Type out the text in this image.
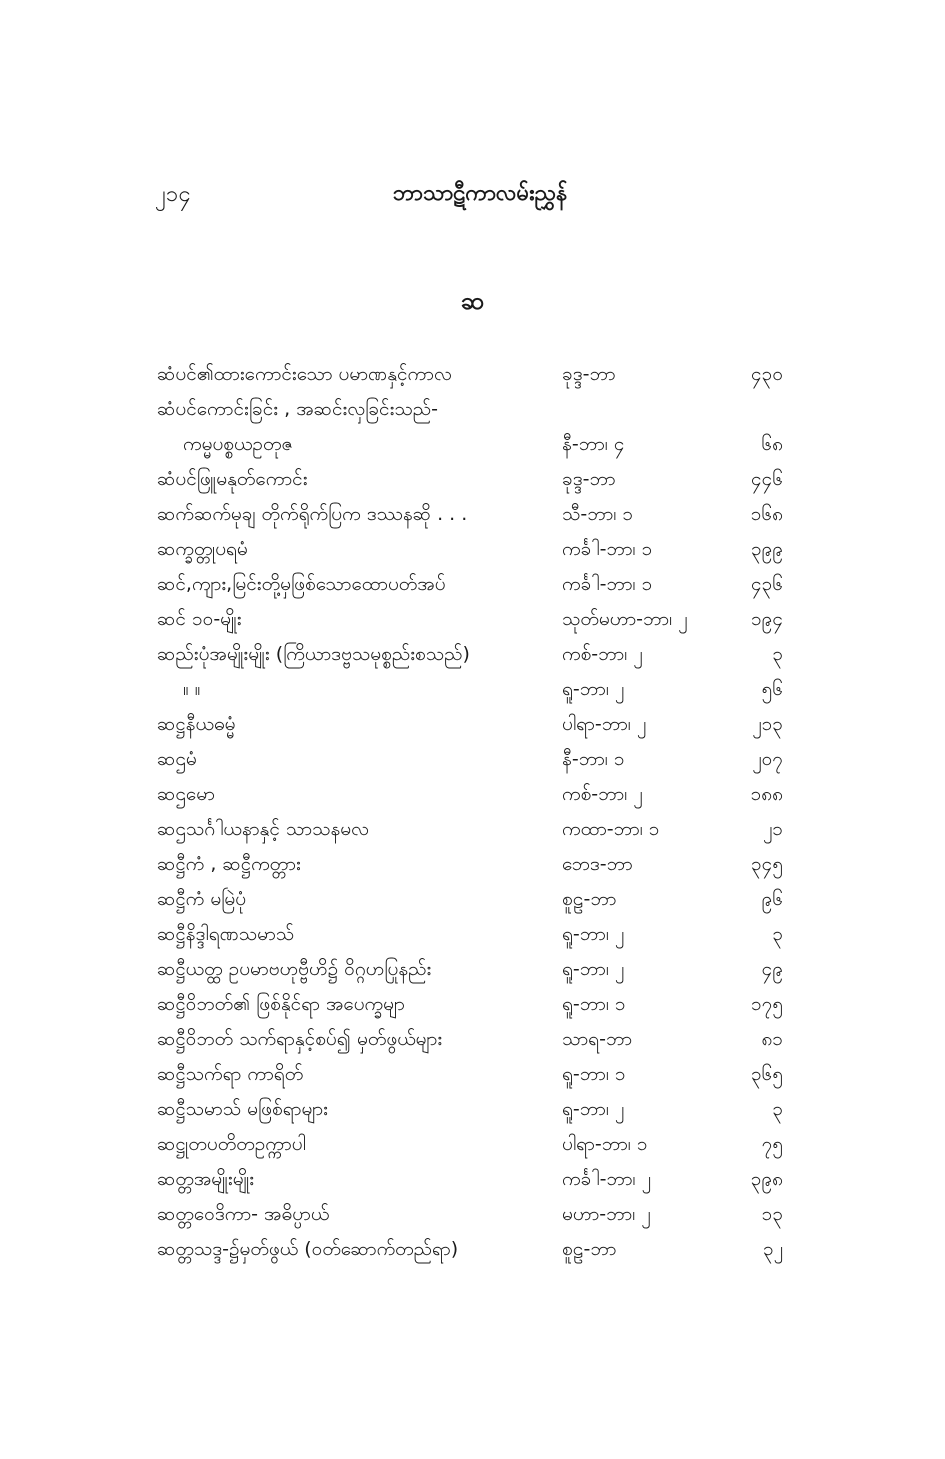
၂၁၄	ဘာသာဋီကာလမ်းညွှန်
ဆ
ဆံပင်၏ထားကောင်းသော ပမာဏနှင့်ကာလ	ခုဒ္ဒ-ဘာ	၄၃၀
ဆံပင်ကောင်းခြင်း , အဆင်းလှခြင်းသည်-
ကမ္မပစ္စယဥတုဇ	နီ-ဘာ၊ ၄	၆၈
ဆံပင်ဖြူမနုတ်ကောင်း	ခုဒ္ဒ-ဘာ	၄၄၆
ဆက်ဆက်မုချ တိုက်ရိုက်ပြက ဒဿနဆို . . .	သီ-ဘာ၊ ၁	၁၆၈
ဆက္ခတ္တုပရမံ	ကင်္ခါ-ဘာ၊ ၁	၃၉၉
ဆင်,ကျား,မြင်းတို့မှဖြစ်သောထောပတ်အပ်	ကင်္ခါ-ဘာ၊ ၁	၄၃၆
ဆင် ၁၀-မျိုး	သုတ်မဟာ-ဘာ၊ ၂	၁၉၄
ဆည်းပုံအမျိုးမျိုး (ကြိယာဒဗ္ဗသမုစ္စည်းစသည်)	ကစ်-ဘာ၊ ၂	၃
။ ။	ရူ-ဘာ၊ ၂	၅၆
ဆဋ္ဌနီယဓမ္မံ	ပါရာ-ဘာ၊ ၂	၂၁၃
ဆဌမံ	နီ-ဘာ၊ ၁	၂၀၇
ဆဌမော	ကစ်-ဘာ၊ ၂	၁၈၈
ဆဌသင်္ဂါယနာနှင့် သာသနမလ	ကထာ-ဘာ၊ ၁	၂၁
ဆဋ္ဌီကံ , ဆဋ္ဌီကတ္တား	ဘေဒ-ဘာ	၃၄၅
ဆဋ္ဌီကံ မမြဲပုံ	စူဠ-ဘာ	၉၆
ဆဋ္ဌီနိဒ္ဒါရဏသမာသ်	ရူ-ဘာ၊ ၂	၃
ဆဋ္ဌီယတ္ထ ဥပမာဗဟုဗ္ဗီဟိ၌ ဝိဂ္ဂဟပြုနည်း	ရူ-ဘာ၊ ၂	၄၉
ဆဋ္ဌီဝိဘတ်၏ ဖြစ်နိုင်ရာ အပေက္ခမျာ	ရူ-ဘာ၊ ၁	၁၇၅
ဆဋ္ဌီဝိဘတ် သက်ရာနှင့်စပ်၍ မှတ်ဖွယ်များ	သာရ-ဘာ	၈၁
ဆဋ္ဌီသက်ရာ ကာရိတ်	ရူ-ဘာ၊ ၁	၃၆၅
ဆဋ္ဌီသမာသ် မဖြစ်ရာများ	ရူ-ဘာ၊ ၂	၃
ဆဋ္ဌုတပတိတဥက္ကာပါ	ပါရာ-ဘာ၊ ၁	၇၅
ဆတ္တအမျိုးမျိုး	ကင်္ခါ-ဘာ၊ ၂	၃၉၈
ဆတ္တဝေဒိကာ- အဓိပ္ပာယ်	မဟာ-ဘာ၊ ၂	၁၃
ဆတ္တသဒ္ဒ-၌မှတ်ဖွယ် (ဝတ်ဆောက်တည်ရာ)	စူဠ-ဘာ	၃၂
